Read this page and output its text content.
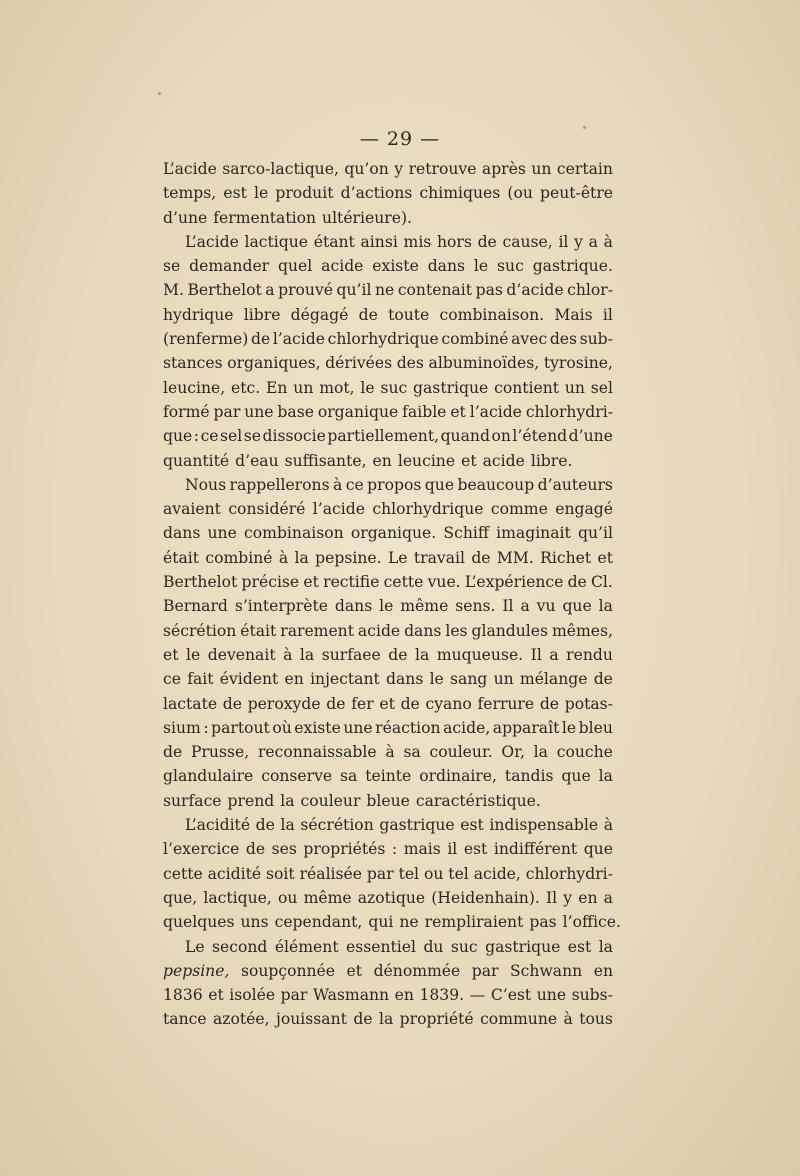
— 29 —
L’acide sarco-lactique, qu’on y retrouve après un certain
temps, est le produit d’actions chimiques (ou peut-être
d’une fermentation ultérieure).
L’acide lactique étant ainsi mis hors de cause, il y a à
se demander quel acide existe dans le suc gastrique.
M. Berthelot a prouvé qu’il ne contenait pas d’acide chlor-
hydrique libre dégagé de toute combinaison. Mais il
(renferme) de l’acide chlorhydrique combiné avec des sub-
stances organiques, dérivées des albuminoïdes, tyrosine,
leucine, etc. En un mot, le suc gastrique contient un sel
formé par une base organique faible et l’acide chlorhydri-
que : ce sel se dissocie partiellement, quand on l’étend d’une
quantité d’eau suffisante, en leucine et acide libre.
Nous rappellerons à ce propos que beaucoup d’auteurs
avaient considéré l’acide chlorhydrique comme engagé
dans une combinaison organique. Schiff imaginait qu’il
était combiné à la pepsine. Le travail de MM. Richet et
Berthelot précise et rectifie cette vue. L’expérience de Cl.
Bernard s’interprète dans le même sens. Il a vu que la
sécrétion était rarement acide dans les glandules mêmes,
et le devenait à la surfaee de la muqueuse. Il a rendu
ce fait évident en injectant dans le sang un mélange de
lactate de peroxyde de fer et de cyano ferrure de potas-
sium : partout où existe une réaction acide, apparaît le bleu
de Prusse, reconnaissable à sa couleur. Or, la couche
glandulaire conserve sa teinte ordinaire, tandis que la
surface prend la couleur bleue caractéristique.
L’acidité de la sécrétion gastrique est indispensable à
l’exercice de ses propriétés : mais il est indifférent que
cette acidité soit réalisée par tel ou tel acide, chlorhydri-
que, lactique, ou même azotique (Heidenhain). Il y en a
quelques uns cependant, qui ne rempliraient pas l’office.
Le second élément essentiel du suc gastrique est la
pepsine, soupçonnée et dénommée par Schwann en
1836 et isolée par Wasmann en 1839. — C’est une subs-
tance azotée, jouissant de la propriété commune à tous
